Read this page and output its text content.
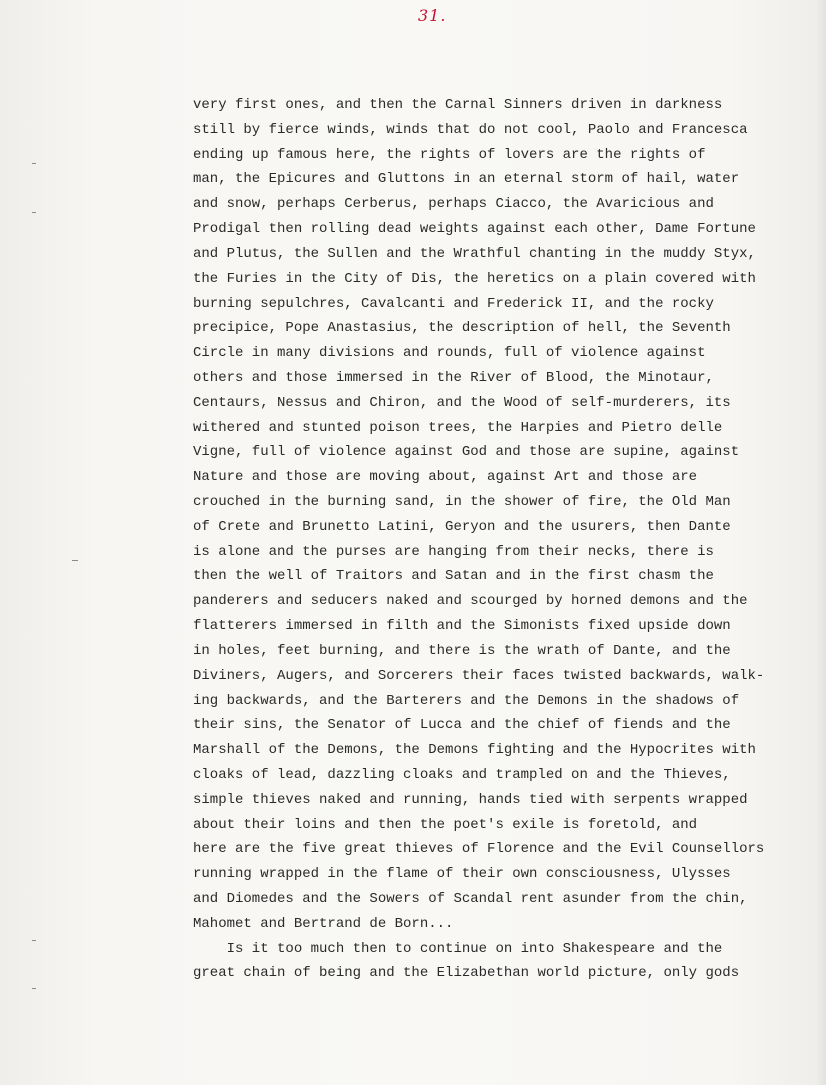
31.

very first ones, and then the Carnal Sinners driven in darkness
still by fierce winds, winds that do not cool, Paolo and Francesca
ending up famous here, the rights of lovers are the rights of
man, the Epicures and Gluttons in an eternal storm of hail, water
and snow, perhaps Cerberus, perhaps Ciacco, the Avaricious and
Prodigal then rolling dead weights against each other, Dame Fortune
and Plutus, the Sullen and the Wrathful chanting in the muddy Styx,
the Furies in the City of Dis, the heretics on a plain covered with
burning sepulchres, Cavalcanti and Frederick II, and the rocky
precipice, Pope Anastasius, the description of hell, the Seventh
Circle in many divisions and rounds, full of violence against
others and those immersed in the River of Blood, the Minotaur,
Centaurs, Nessus and Chiron, and the Wood of self-murderers, its
withered and stunted poison trees, the Harpies and Pietro delle
Vigne, full of violence against God and those are supine, against
Nature and those are moving about, against Art and those are
crouched in the burning sand, in the shower of fire, the Old Man
of Crete and Brunetto Latini, Geryon and the usurers, then Dante
is alone and the purses are hanging from their necks, there is
then the well of Traitors and Satan and in the first chasm the
panderers and seducers naked and scourged by horned demons and the
flatterers immersed in filth and the Simonists fixed upside down
in holes, feet burning, and there is the wrath of Dante, and the
Diviners, Augers, and Sorcerers their faces twisted backwards, walk-
ing backwards, and the Barterers and the Demons in the shadows of
their sins, the Senator of Lucca and the chief of fiends and the
Marshall of the Demons, the Demons fighting and the Hypocrites with
cloaks of lead, dazzling cloaks and trampled on and the Thieves,
simple thieves naked and running, hands tied with serpents wrapped
about their loins and then the poet's exile is foretold, and
here are the five great thieves of Florence and the Evil Counsellors
running wrapped in the flame of their own consciousness, Ulysses
and Diomedes and the Sowers of Scandal rent asunder from the chin,
Mahomet and Bertrand de Born...
Is it too much then to continue on into Shakespeare and the
great chain of being and the Elizabethan world picture, only gods
